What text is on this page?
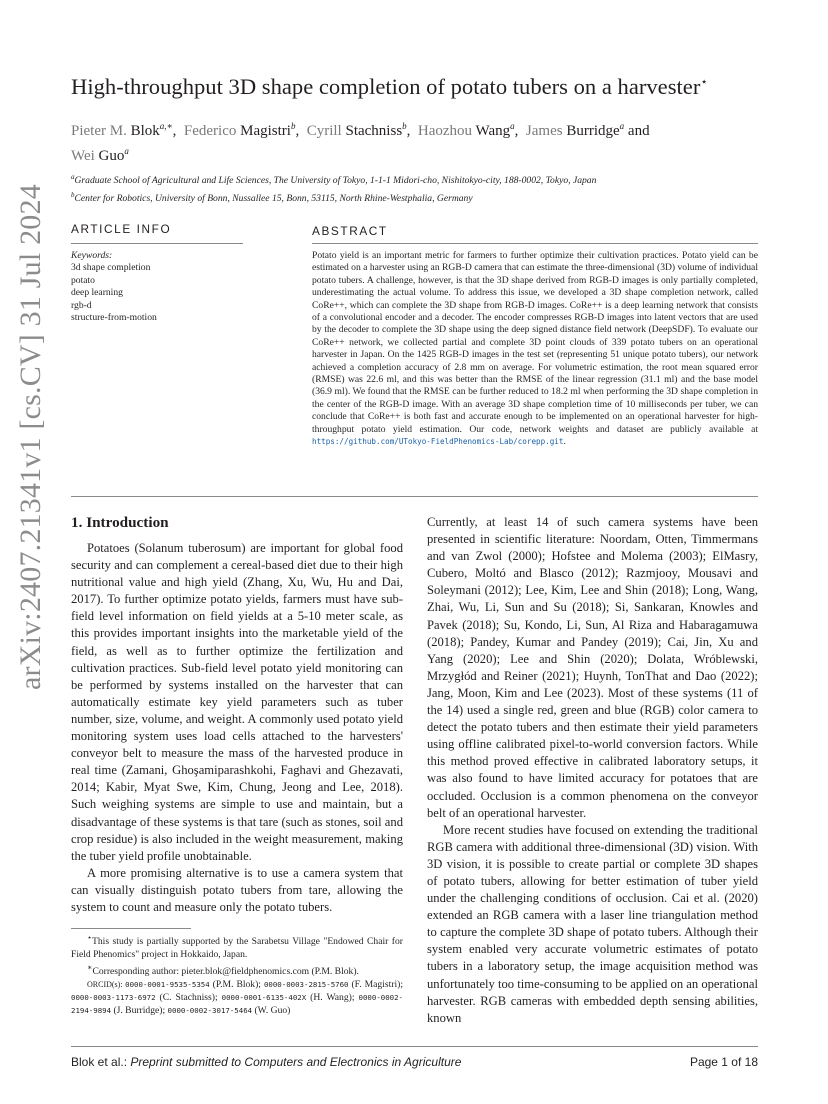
arXiv:2407.21341v1 [cs.CV] 31 Jul 2024
High-throughput 3D shape completion of potato tubers on a harvester⋆
Pieter M. Blok$^{a,∗}$, Federico Magistri$^b$, Cyrill Stachniss$^b$, Haozhou Wang$^a$, James Burridge$^a$ and
Wei Guo$^a$
$^a$Graduate School of Agricultural and Life Sciences, The University of Tokyo, 1-1-1 Midori-cho, Nishitokyo-city, 188-0002, Tokyo, Japan
$^b$Center for Robotics, University of Bonn, Nussallee 15, Bonn, 53115, North Rhine-Westphalia, Germany
ARTICLE INFO	ABSTRACT
Keywords:
3d shape completion
potato
deep learning
rgb-d
structure-from-motion
Potato yield is an important metric for farmers to further optimize their cultivation practices. Potato yield can be estimated on a harvester using an RGB-D camera that can estimate the three-dimensional (3D) volume of individual potato tubers. A challenge, however, is that the 3D shape derived from RGB-D images is only partially completed, underestimating the actual volume. To address this issue, we developed a 3D shape completion network, called CoRe++, which can complete the 3D shape from RGB-D images. CoRe++ is a deep learning network that consists of a convolutional encoder and a decoder. The encoder compresses RGB-D images into latent vectors that are used by the decoder to complete the 3D shape using the deep signed distance field network (DeepSDF). To evaluate our CoRe++ network, we collected partial and complete 3D point clouds of 339 potato tubers on an operational harvester in Japan. On the 1425 RGB-D images in the test set (representing 51 unique potato tubers), our network achieved a completion accuracy of 2.8 mm on average. For volumetric estimation, the root mean squared error (RMSE) was 22.6 ml, and this was better than the RMSE of the linear regression (31.1 ml) and the base model (36.9 ml). We found that the RMSE can be further reduced to 18.2 ml when performing the 3D shape completion in the center of the RGB-D image. With an average 3D shape completion time of 10 milliseconds per tuber, we can conclude that CoRe++ is both fast and accurate enough to be implemented on an operational harvester for high-throughput potato yield estimation. Our code, network weights and dataset are publicly available at https://github.com/UTokyo-FieldPhenomics-Lab/corepp.git.
1. Introduction

Potatoes (Solanum tuberosum) are important for global food security and can complement a cereal-based diet due to their high nutritional value and high yield (Zhang, Xu, Wu, Hu and Dai, 2017). To further optimize potato yields, farmers must have sub-field level information on field yields at a 5-10 meter scale, as this provides important insights into the marketable yield of the field, as well as to further optimize the fertilization and cultivation practices. Sub-field level potato yield monitoring can be performed by systems installed on the harvester that can automatically estimate key yield parameters such as tuber number, size, volume, and weight. A commonly used potato yield monitoring system uses load cells attached to the harvesters' conveyor belt to measure the mass of the harvested produce in real time (Zamani, Ghoşamiparashkohi, Faghavi and Ghezavati, 2014; Kabir, Myat Swe, Kim, Chung, Jeong and Lee, 2018). Such weighing systems are simple to use and maintain, but a disadvantage of these systems is that tare (such as stones, soil and crop residue) is also included in the weight measurement, making the tuber yield profile unobtainable.

A more promising alternative is to use a camera system that can visually distinguish potato tubers from tare, allowing the system to count and measure only the potato tubers.

Currently, at least 14 of such camera systems have been presented in scientific literature: Noordam, Otten, Timmermans and van Zwol (2000); Hofstee and Molema (2003); ElMasry, Cubero, Moltó and Blasco (2012); Razmjooy, Mousavi and Soleymani (2012); Lee, Kim, Lee and Shin (2018); Long, Wang, Zhai, Wu, Li, Sun and Su (2018); Si, Sankaran, Knowles and Pavek (2018); Su, Kondo, Li, Sun, Al Riza and Habaragamuwa (2018); Pandey, Kumar and Pandey (2019); Cai, Jin, Xu and Yang (2020); Lee and Shin (2020); Dolata, Wróblewski, Mrzygłód and Reiner (2021); Huynh, TonThat and Dao (2022); Jang, Moon, Kim and Lee (2023). Most of these systems (11 of the 14) used a single red, green and blue (RGB) color camera to detect the potato tubers and then estimate their yield parameters using offline calibrated pixel-to-world conversion factors. While this method proved effective in calibrated laboratory setups, it was also found to have limited accuracy for potatoes that are occluded. Occlusion is a common phenomena on the conveyor belt of an operational harvester.

More recent studies have focused on extending the traditional RGB camera with additional three-dimensional (3D) vision. With 3D vision, it is possible to create partial or complete 3D shapes of potato tubers, allowing for better estimation of tuber yield under the challenging conditions of occlusion. Cai et al. (2020) extended an RGB camera with a laser line triangulation method to capture the complete 3D shape of potato tubers. Although their system enabled very accurate volumetric estimates of potato tubers in a laboratory setup, the image acquisition method was unfortunately too time-consuming to be applied on an operational harvester. RGB cameras with embedded depth sensing abilities, known

⋆This study is partially supported by the Sarabetsu Village "Endowed Chair for Field Phenomics" project in Hokkaido, Japan.

∗Corresponding author: pieter.blok@fieldphenomics.com (P.M. Blok).

ORCID(s): 0000-0001-9535-5354 (P.M. Blok); 0000-0003-2815-5760 (F. Magistri); 0000-0003-1173-6972 (C. Stachniss); 0000-0001-6135-402X (H. Wang); 0000-0002-2194-9894 (J. Burridge); 0000-0002-3017-5464 (W. Guo)

Blok et al.: Preprint submitted to Computers and Electronics in Agriculture	Page 1 of 18
